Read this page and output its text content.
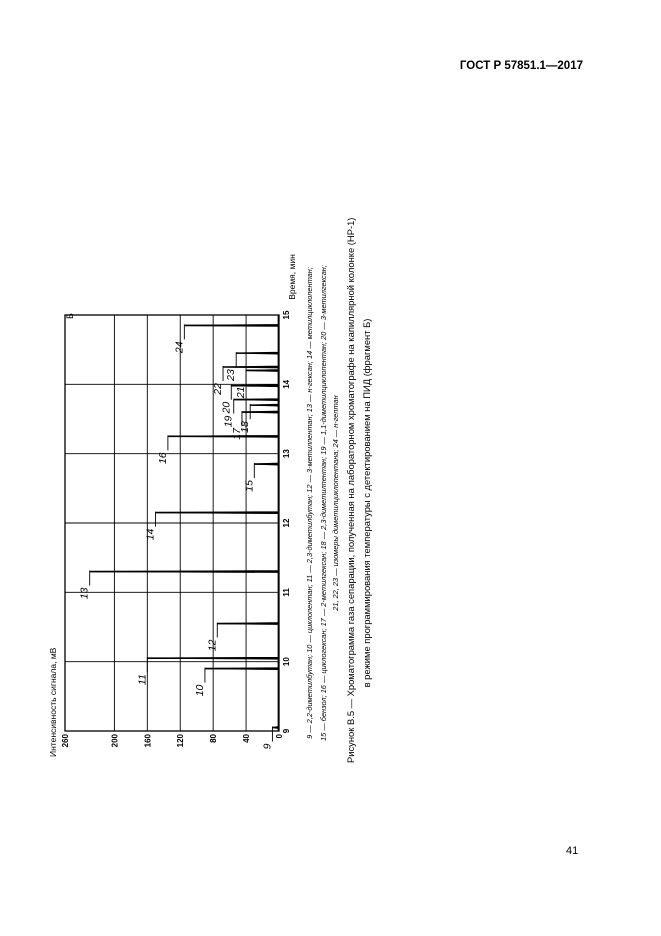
ГОСТ Р 57851.1—2017
Интенсивность сигнала, мВ
Время, мин
Б
0
40
80
120
160
200
260
9
10
11
12
13
14
15
9
10
11
12
13
14
15
16
17
18
19
20
21
22
23
24	9 — 2,2-диметилбутан; 10 — циклопентан; 11 — 2,3-диметилбутан; 12 — 3-метилпентан; 13 — н-гексан; 14 — метилциклопентан; 15 — бензол; 16 — циклогексан; 17 — 2-метилгексан; 18 — 2,3-диметилпентан; 19 — 1,1-диметилциклопентан; 20 — 3-метилгексан; 21, 22, 23 — изомеры диметилциклопентана; 24 — н-гептан Рисунок В.5 — Хроматограмма газа сепарации, полученная на лабораторном хроматографе на капиллярной колонке (НР-1) в режиме программирования температуры с детектированием на ПИД (фрагмент Б)
41
